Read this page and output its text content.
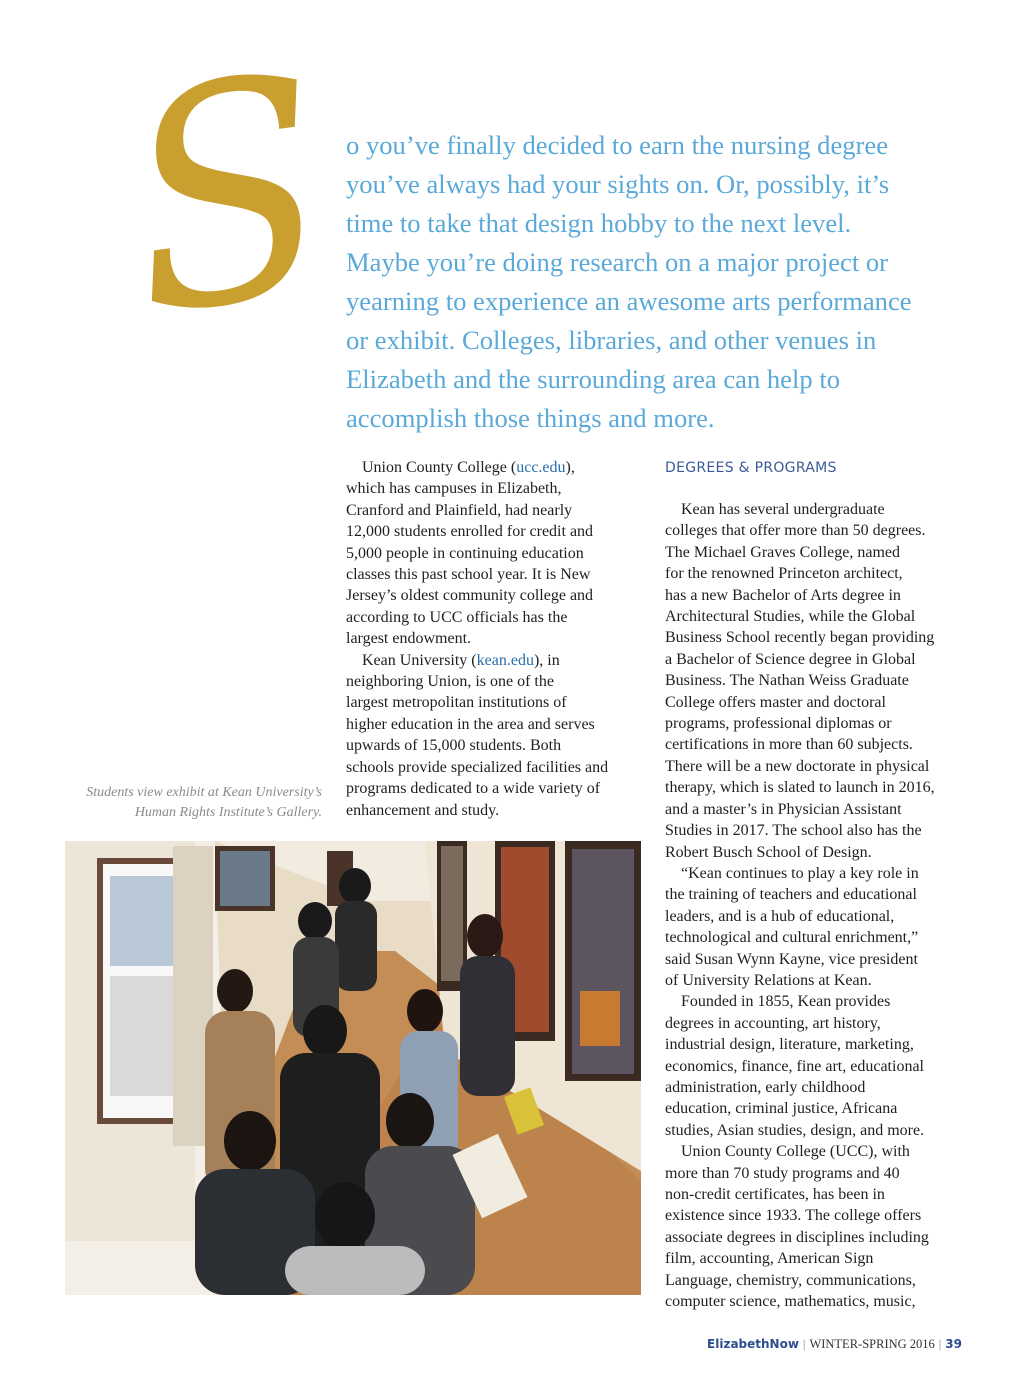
S

o you’ve finally decided to earn the nursing degree

you’ve always had your sights on. Or, possibly, it’s

time to take that design hobby to the next level.

Maybe you’re doing research on a major project or

yearning to experience an awesome arts performance

or exhibit. Colleges, libraries, and other venues in

Elizabeth and the surrounding area can help to

accomplish those things and more.

Union County College (ucc.edu),

which has campuses in Elizabeth,

Cranford and Plainfield, had nearly

12,000 students enrolled for credit and

5,000 people in continuing education

classes this past school year. It is New

Jersey’s oldest community college and

according to UCC officials has the

largest endowment.

Kean University (kean.edu), in

neighboring Union, is one of the

largest metropolitan institutions of

higher education in the area and serves

upwards of 15,000 students. Both

schools provide specialized facilities and

programs dedicated to a wide variety of

enhancement and study.

Students view exhibit at Kean University’s

Human Rights Institute’s Gallery.

DEGREES & PROGRAMS

Kean has several undergraduate

colleges that offer more than 50 degrees.

The Michael Graves College, named

for the renowned Princeton architect,

has a new Bachelor of Arts degree in

Architectural Studies, while the Global

Business School recently began providing

a Bachelor of Science degree in Global

Business. The Nathan Weiss Graduate

College offers master and doctoral

programs, professional diplomas or

certifications in more than 60 subjects.

There will be a new doctorate in physical

therapy, which is slated to launch in 2016,

and a master’s in Physician Assistant

Studies in 2017. The school also has the

Robert Busch School of Design.

“Kean continues to play a key role in

the training of teachers and educational

leaders, and is a hub of educational,

technological and cultural enrichment,”

said Susan Wynn Kayne, vice president

of University Relations at Kean.

Founded in 1855, Kean provides

degrees in accounting, art history,

industrial design, literature, marketing,

economics, finance, fine art, educational

administration, early childhood

education, criminal justice, Africana

studies, Asian studies, design, and more.

Union County College (UCC), with

more than 70 study programs and 40

non-credit certificates, has been in

existence since 1933. The college offers

associate degrees in disciplines including

film, accounting, American Sign

Language, chemistry, communications,

computer science, mathematics, music,

ElizabethNow | WINTER-SPRING 2016 | 39
